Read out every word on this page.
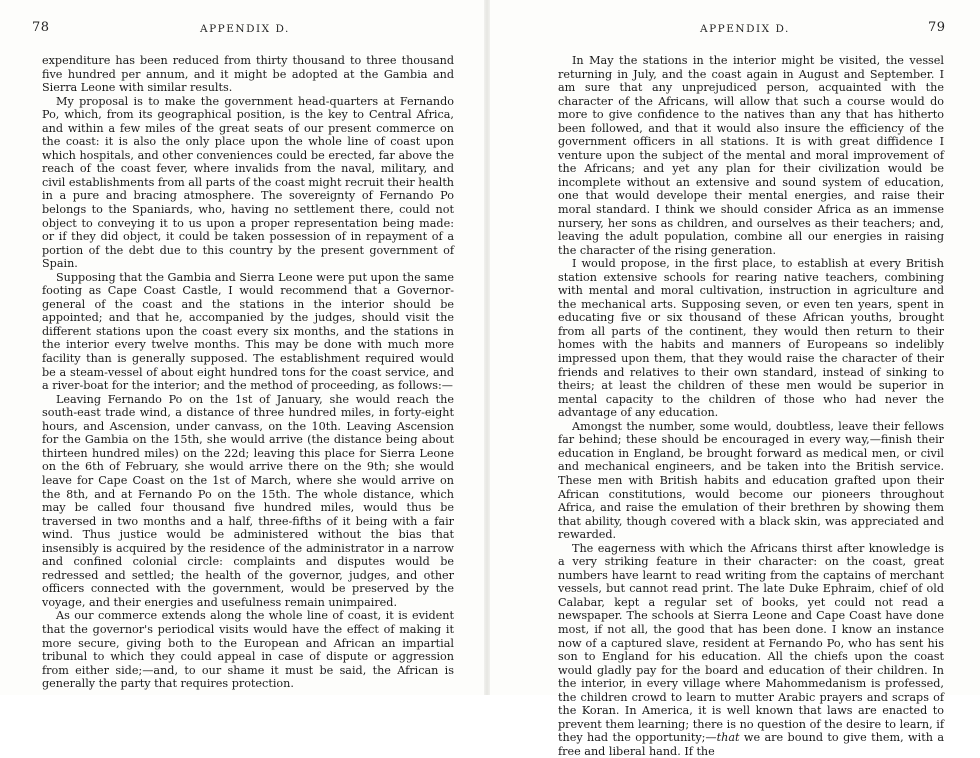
78	APPENDIX D.

expenditure has been reduced from thirty thousand to three thousand five hundred per annum, and it might be adopted at the Gambia and Sierra Leone with similar results.

My proposal is to make the government head-quarters at Fernando Po, which, from its geographical position, is the key to Central Africa, and within a few miles of the great seats of our present commerce on the coast: it is also the only place upon the whole line of coast upon which hospitals, and other conveniences could be erected, far above the reach of the coast fever, where invalids from the naval, military, and civil establishments from all parts of the coast might recruit their health in a pure and bracing atmosphere. The sovereignty of Fernando Po belongs to the Spaniards, who, having no settlement there, could not object to conveying it to us upon a proper representation being made: or if they did object, it could be taken possession of in repayment of a portion of the debt due to this country by the present government of Spain.

Supposing that the Gambia and Sierra Leone were put upon the same footing as Cape Coast Castle, I would recommend that a Governor-general of the coast and the stations in the interior should be appointed; and that he, accompanied by the judges, should visit the different stations upon the coast every six months, and the stations in the interior every twelve months. This may be done with much more facility than is generally supposed. The establishment required would be a steam-vessel of about eight hundred tons for the coast service, and a river-boat for the interior; and the method of proceeding, as follows:—

Leaving Fernando Po on the 1st of January, she would reach the south-east trade wind, a distance of three hundred miles, in forty-eight hours, and Ascension, under canvass, on the 10th. Leaving Ascension for the Gambia on the 15th, she would arrive (the distance being about thirteen hundred miles) on the 22d; leaving this place for Sierra Leone on the 6th of February, she would arrive there on the 9th; she would leave for Cape Coast on the 1st of March, where she would arrive on the 8th, and at Fernando Po on the 15th. The whole distance, which may be called four thousand five hundred miles, would thus be traversed in two months and a half, three-fifths of it being with a fair wind. Thus justice would be administered without the bias that insensibly is acquired by the residence of the administrator in a narrow and confined colonial circle: complaints and disputes would be redressed and settled; the health of the governor, judges, and other officers connected with the government, would be preserved by the voyage, and their energies and usefulness remain unimpaired.

As our commerce extends along the whole line of coast, it is evident that the governor's periodical visits would have the effect of making it more secure, giving both to the European and African an impartial tribunal to which they could appeal in case of dispute or aggression from either side;—and, to our shame it must be said, the African is generally the party that requires protection.

APPENDIX D.	79

In May the stations in the interior might be visited, the vessel returning in July, and the coast again in August and September. I am sure that any unprejudiced person, acquainted with the character of the Africans, will allow that such a course would do more to give confidence to the natives than any that has hitherto been followed, and that it would also insure the efficiency of the government officers in all stations. It is with great diffidence I venture upon the subject of the mental and moral improvement of the Africans; and yet any plan for their civilization would be incomplete without an extensive and sound system of education, one that would develope their mental energies, and raise their moral standard. I think we should consider Africa as an immense nursery, her sons as children, and ourselves as their teachers; and, leaving the adult population, combine all our energies in raising the character of the rising generation.

I would propose, in the first place, to establish at every British station extensive schools for rearing native teachers, combining with mental and moral cultivation, instruction in agriculture and the mechanical arts. Supposing seven, or even ten years, spent in educating five or six thousand of these African youths, brought from all parts of the continent, they would then return to their homes with the habits and manners of Europeans so indelibly impressed upon them, that they would raise the character of their friends and relatives to their own standard, instead of sinking to theirs; at least the children of these men would be superior in mental capacity to the children of those who had never the advantage of any education.

Amongst the number, some would, doubtless, leave their fellows far behind; these should be encouraged in every way,—finish their education in England, be brought forward as medical men, or civil and mechanical engineers, and be taken into the British service. These men with British habits and education grafted upon their African constitutions, would become our pioneers throughout Africa, and raise the emulation of their brethren by showing them that ability, though covered with a black skin, was appreciated and rewarded.

The eagerness with which the Africans thirst after knowledge is a very striking feature in their character: on the coast, great numbers have learnt to read writing from the captains of merchant vessels, but cannot read print. The late Duke Ephraim, chief of old Calabar, kept a regular set of books, yet could not read a newspaper. The schools at Sierra Leone and Cape Coast have done most, if not all, the good that has been done. I know an instance now of a captured slave, resident at Fernando Po, who has sent his son to England for his education. All the chiefs upon the coast would gladly pay for the board and education of their children. In the interior, in every village where Mahommedanism is professed, the children crowd to learn to mutter Arabic prayers and scraps of the Koran. In America, it is well known that laws are enacted to prevent them learning; there is no question of the desire to learn, if they had the opportunity;—that we are bound to give them, with a free and liberal hand. If the
